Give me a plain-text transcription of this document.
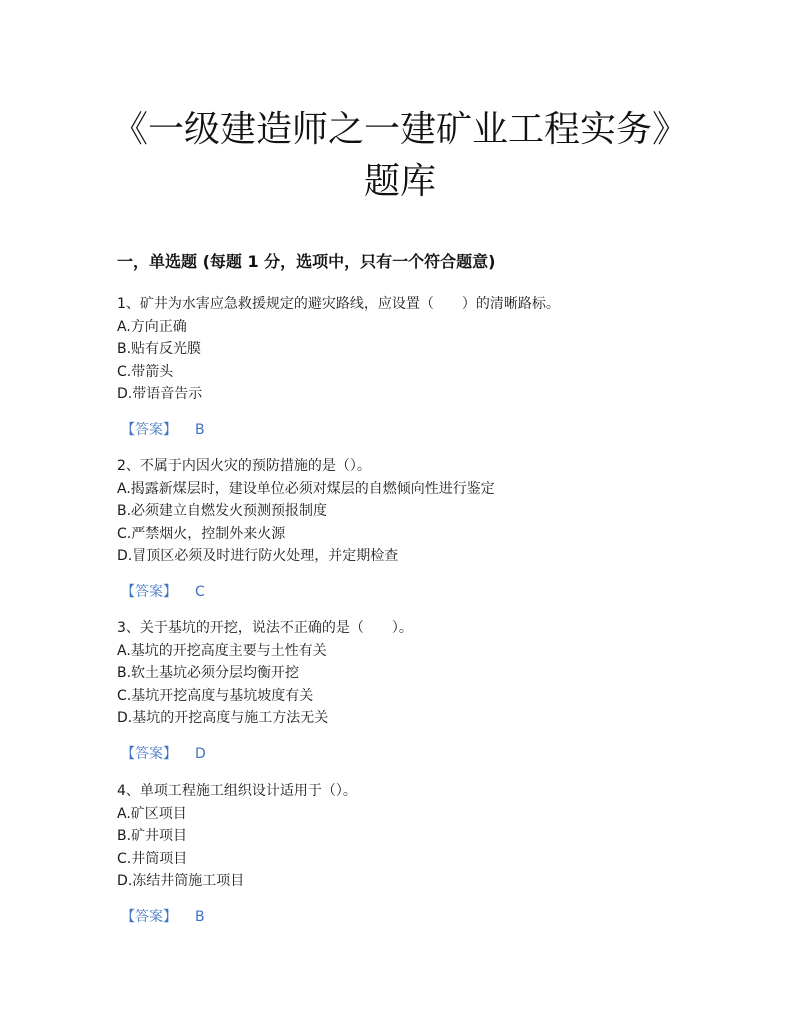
《一级建造师之一建矿业工程实务》
题库
一，单选题 (每题 1 分，选项中，只有一个符合题意)
1、矿井为水害应急救援规定的避灾路线，应设置（　　）的清晰路标。
A.方向正确
B.贴有反光膜
C.带箭头
D.带语音告示
【答案】 B
2、不属于内因火灾的预防措施的是（）。
A.揭露新煤层时，建设单位必须对煤层的自燃倾向性进行鉴定
B.必须建立自燃发火预测预报制度
C.严禁烟火，控制外来火源
D.冒顶区必须及时进行防火处理，并定期检查
【答案】 C
3、关于基坑的开挖，说法不正确的是（　　）。
A.基坑的开挖高度主要与土性有关
B.软土基坑必须分层均衡开挖
C.基坑开挖高度与基坑坡度有关
D.基坑的开挖高度与施工方法无关
【答案】 D
4、单项工程施工组织设计适用于（）。
A.矿区项目
B.矿井项目
C.井筒项目
D.冻结井筒施工项目
【答案】 B
